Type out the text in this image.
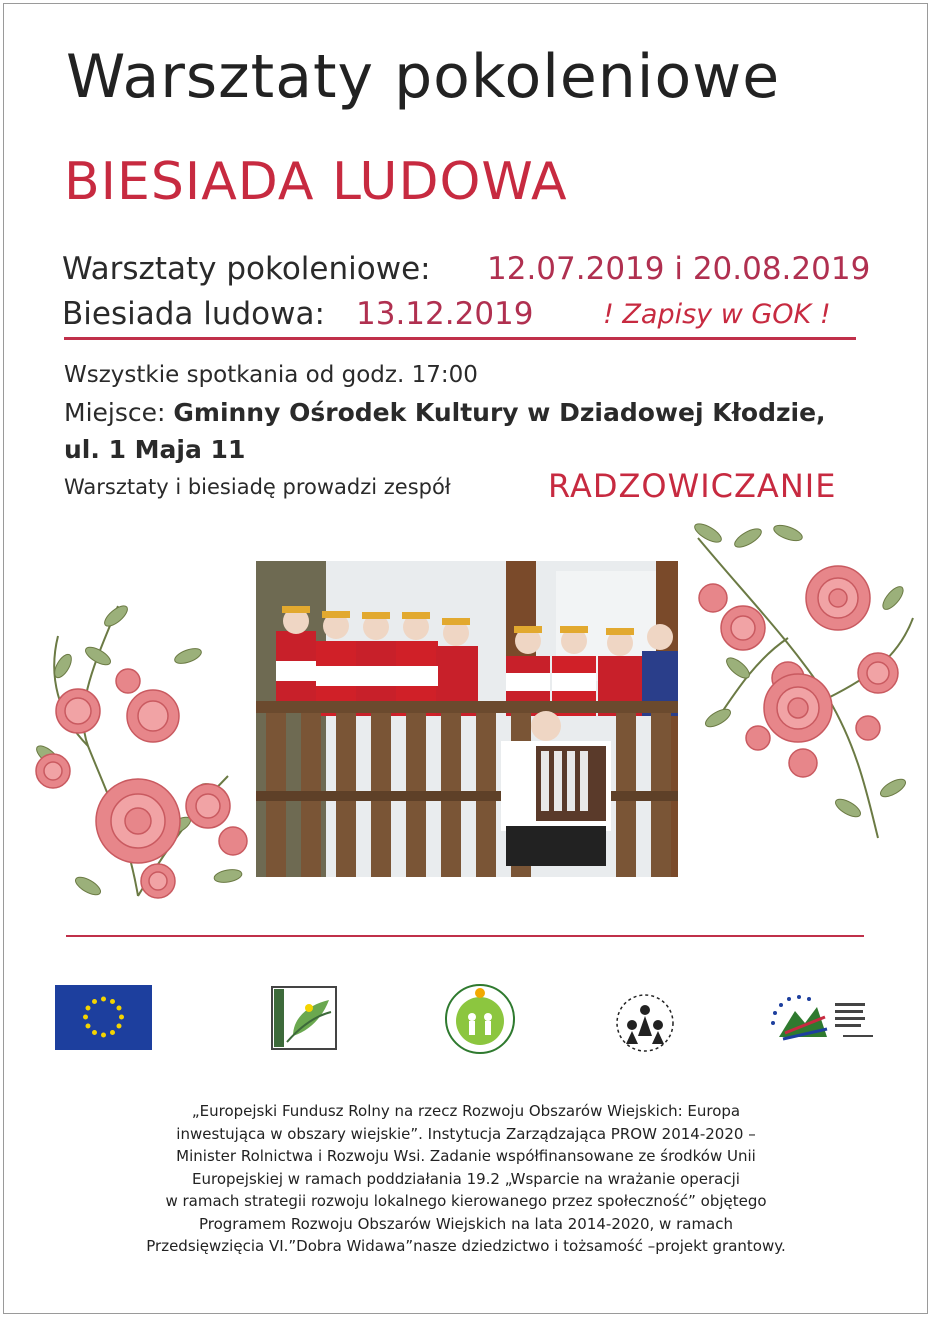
Warsztaty pokoleniowe
BIESIADA LUDOWA
Warsztaty pokoleniowe: 12.07.2019 i 20.08.2019
Biesiada ludowa: 13.12.2019	! Zapisy w GOK !
Wszystkie spotkania od godz. 17:00
Miejsce: Gminny Ośrodek Kultury w Dziadowej Kłodzie,
ul. 1 Maja 11
Warsztaty i biesiadę prowadzi zespół	RADZOWICZANIE
„Europejski Fundusz Rolny na rzecz Rozwoju Obszarów Wiejskich: Europa
inwestująca w obszary wiejskie”. Instytucja Zarządzająca PROW 2014-2020 –
Minister Rolnictwa i Rozwoju Wsi. Zadanie współfinansowane ze środków Unii
Europejskiej w ramach poddziałania 19.2 „Wsparcie na wrażanie operacji
w ramach strategii rozwoju lokalnego kierowanego przez społeczność” objętego
Programem Rozwoju Obszarów Wiejskich na lata 2014-2020, w ramach
Przedsięwzięcia VI.”Dobra Widawa”nasze dziedzictwo i tożsamość –projekt grantowy.
